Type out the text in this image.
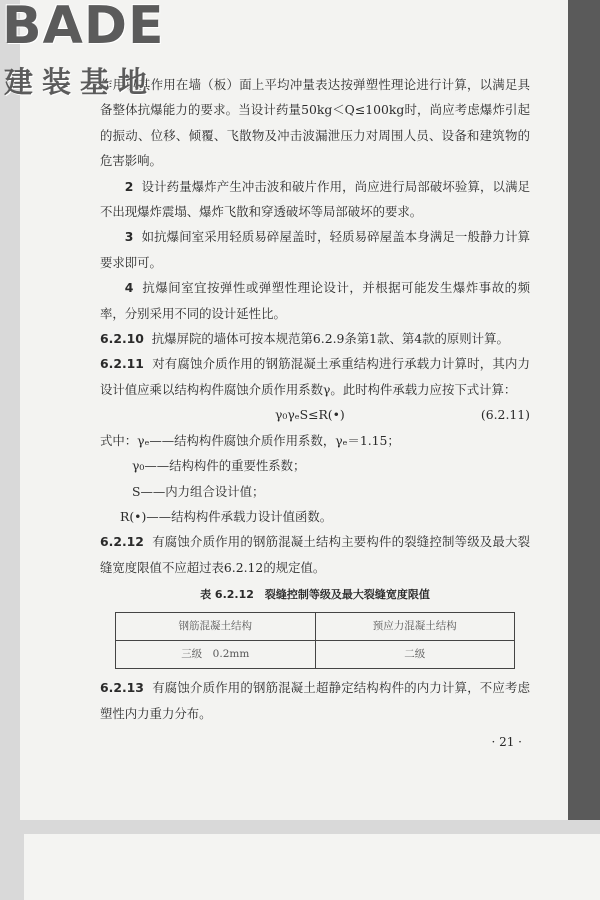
作用以其作用在墙（板）面上平均冲量表达按弹塑性理论进行计算，以满足具备整体抗爆能力的要求。当设计药量50kg＜Q≤100kg时，尚应考虑爆炸引起的振动、位移、倾覆、飞散物及冲击波漏泄压力对周围人员、设备和建筑物的危害影响。

2 设计药量爆炸产生冲击波和破片作用，尚应进行局部破坏验算，以满足不出现爆炸震塌、爆炸飞散和穿透破坏等局部破坏的要求。

3 如抗爆间室采用轻质易碎屋盖时，轻质易碎屋盖本身满足一般静力计算要求即可。

4 抗爆间室宜按弹性或弹塑性理论设计，并根据可能发生爆炸事故的频率，分别采用不同的设计延性比。

6.2.10 抗爆屏院的墙体可按本规范第6.2.9条第1款、第4款的原则计算。

6.2.11 对有腐蚀介质作用的钢筋混凝土承重结构进行承载力计算时，其内力设计值应乘以结构构件腐蚀介质作用系数γ。此时构件承载力应按下式计算：

γ₀γₑS≤R(•)	(6.2.11)

式中：γₑ——结构构件腐蚀介质作用系数，γₑ＝1.15；

γ₀——结构构件的重要性系数；

S——内力组合设计值；

R(•)——结构构件承载力设计值函数。

6.2.12 有腐蚀介质作用的钢筋混凝土结构主要构件的裂缝控制等级及最大裂缝宽度限值不应超过表6.2.12的规定值。

表 6.2.12　裂缝控制等级及最大裂缝宽度限值
钢筋混凝土结构	预应力混凝土结构
三级　0.2mm	二级

6.2.13 有腐蚀介质作用的钢筋混凝土超静定结构构件的内力计算，不应考虑塑性内力重力分布。

· 21 ·
BADE
建装基地
